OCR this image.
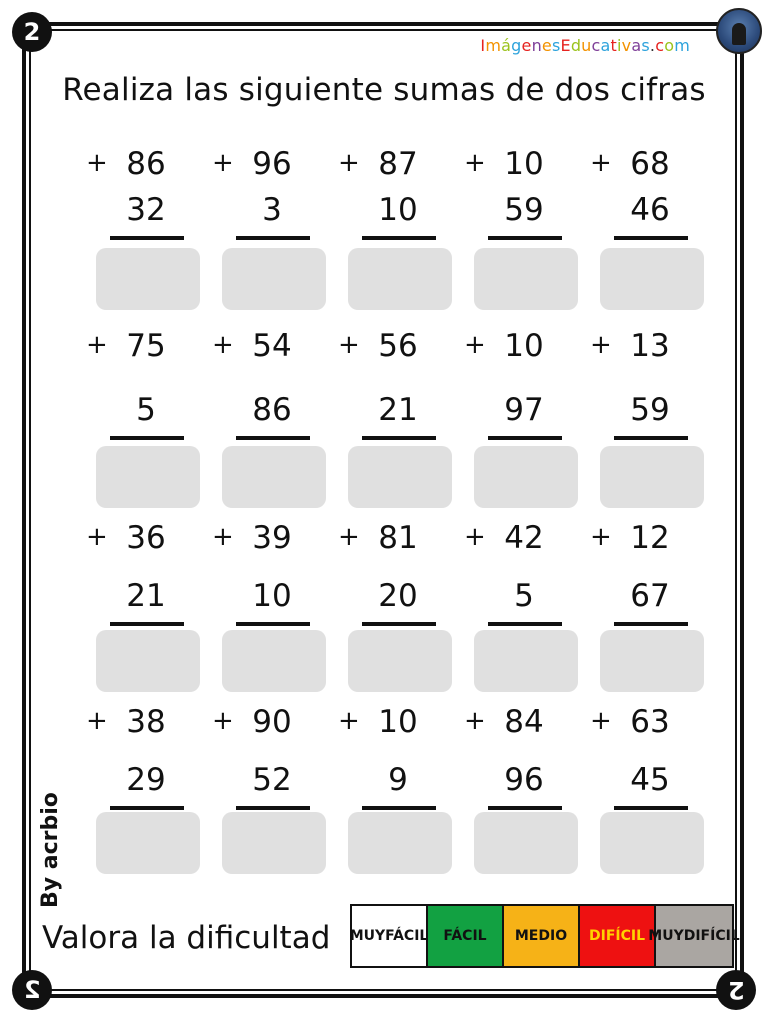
2
2	2
ImágenesEducativas.com
Realiza las siguiente sumas de dos cifras
+ 86
32
+ 96
3
+ 87
10
+ 10
59
+ 68
46
+ 75
5
+ 54
86
+ 56
21
+ 10
97
+ 13
59
+ 36
21
+ 39
10
+ 81
20
+ 42
5
+ 12
67
+ 38
29
+ 90
52
+ 10
9
+ 84
96
+ 63
45
By acrbio
Valora la dificultad MUY FÁCIL	FÁCIL	MEDIO	DIFÍCIL MUY DIFÍCIL
